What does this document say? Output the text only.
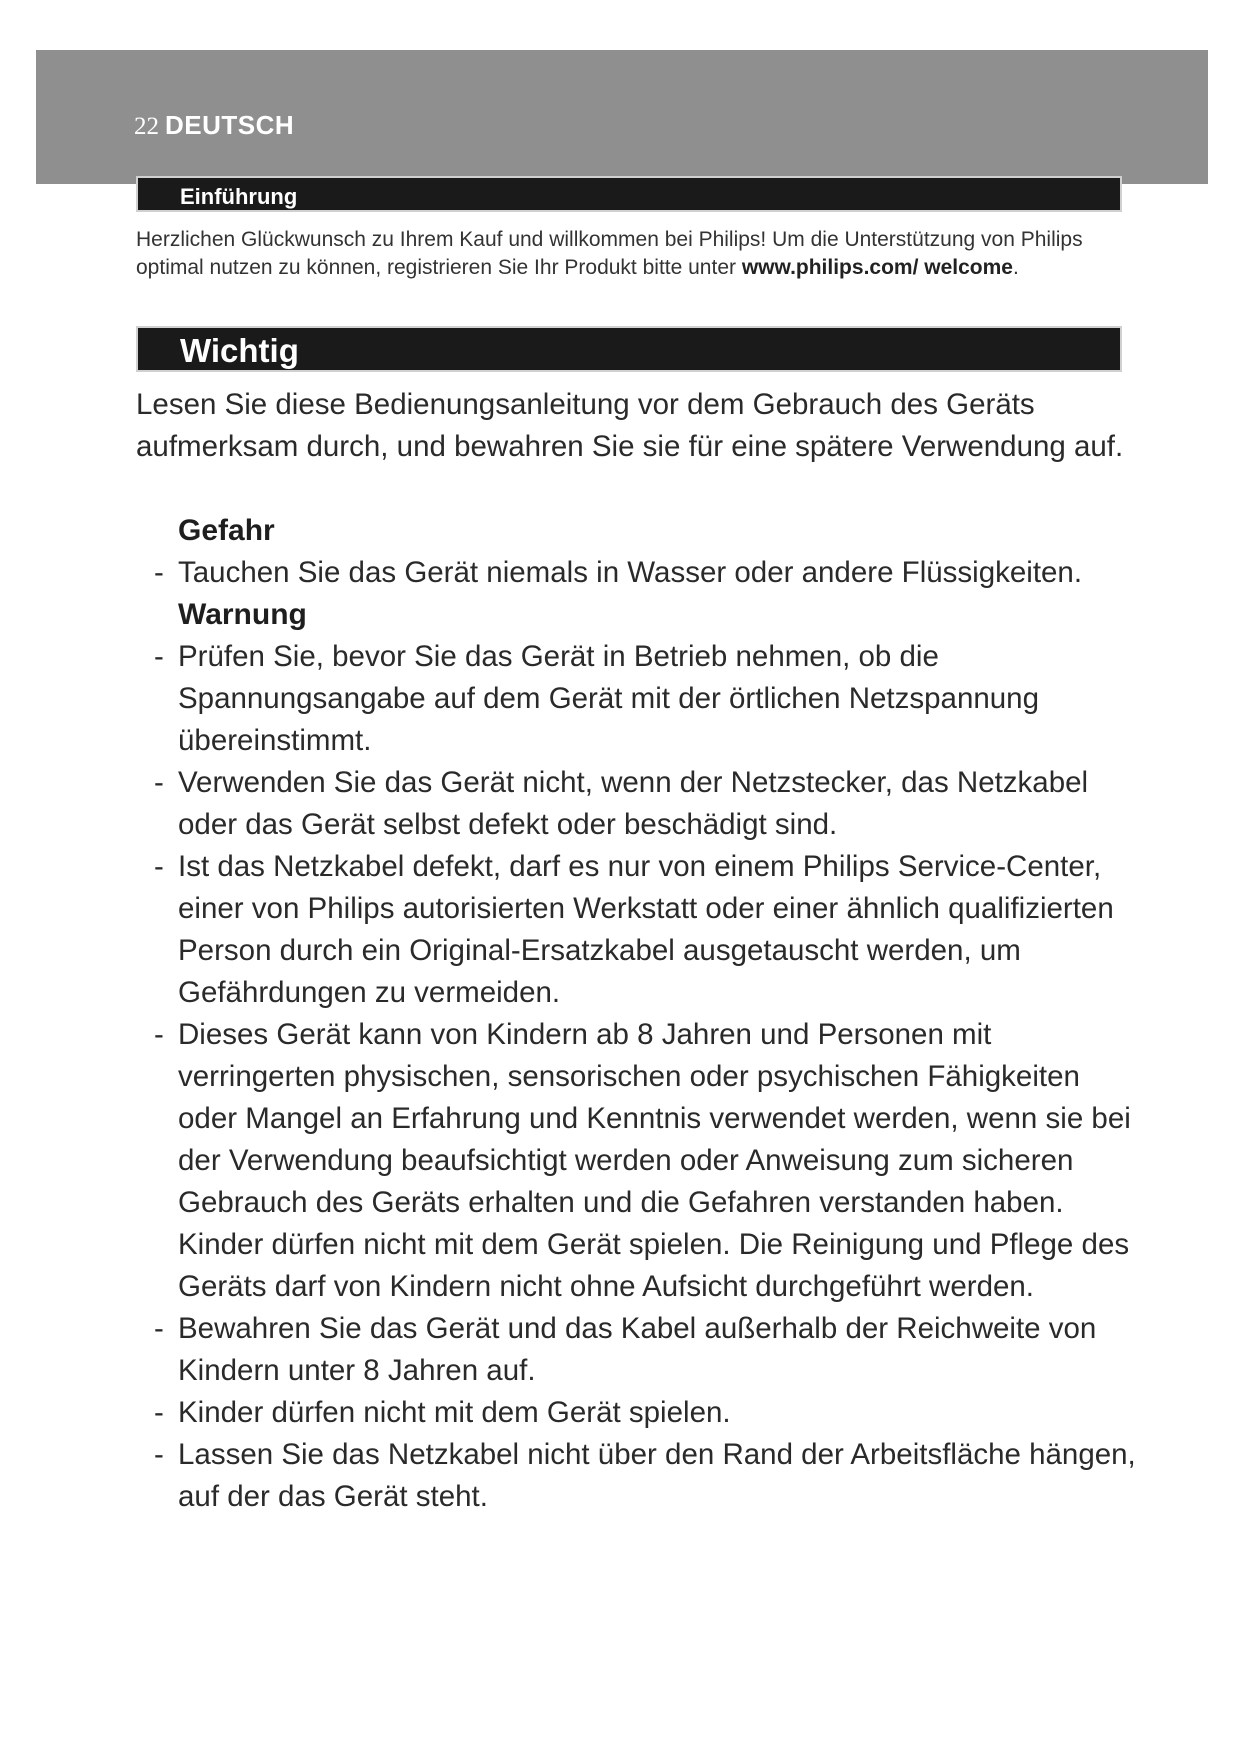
22 DEUTSCH
Einführung
Herzlichen Glückwunsch zu Ihrem Kauf und willkommen bei Philips! Um die Unterstützung von Philips optimal nutzen zu können, registrieren Sie Ihr Produkt bitte unter www.philips.com/ welcome.
Wichtig
Lesen Sie diese Bedienungsanleitung vor dem Gebrauch des Geräts aufmerksam durch, und bewahren Sie sie für eine spätere Verwendung auf.
Gefahr
- Tauchen Sie das Gerät niemals in Wasser oder andere Flüssigkeiten.
Warnung
- Prüfen Sie, bevor Sie das Gerät in Betrieb nehmen, ob die Spannungsangabe auf dem Gerät mit der örtlichen Netzspannung übereinstimmt.
- Verwenden Sie das Gerät nicht, wenn der Netzstecker, das Netzkabel oder das Gerät selbst defekt oder beschädigt sind.
- Ist das Netzkabel defekt, darf es nur von einem Philips Service-Center, einer von Philips autorisierten Werkstatt oder einer ähnlich qualifizierten Person durch ein Original-Ersatzkabel ausgetauscht werden, um Gefährdungen zu vermeiden.
- Dieses Gerät kann von Kindern ab 8 Jahren und Personen mit verringerten physischen, sensorischen oder psychischen Fähigkeiten oder Mangel an Erfahrung und Kenntnis verwendet werden, wenn sie bei der Verwendung beaufsichtigt werden oder Anweisung zum sicheren Gebrauch des Geräts erhalten und die Gefahren verstanden haben. Kinder dürfen nicht mit dem Gerät spielen. Die Reinigung und Pflege des Geräts darf von Kindern nicht ohne Aufsicht durchgeführt werden.
- Bewahren Sie das Gerät und das Kabel außerhalb der Reichweite von Kindern unter 8 Jahren auf.
- Kinder dürfen nicht mit dem Gerät spielen.
- Lassen Sie das Netzkabel nicht über den Rand der Arbeitsfläche hängen, auf der das Gerät steht.
